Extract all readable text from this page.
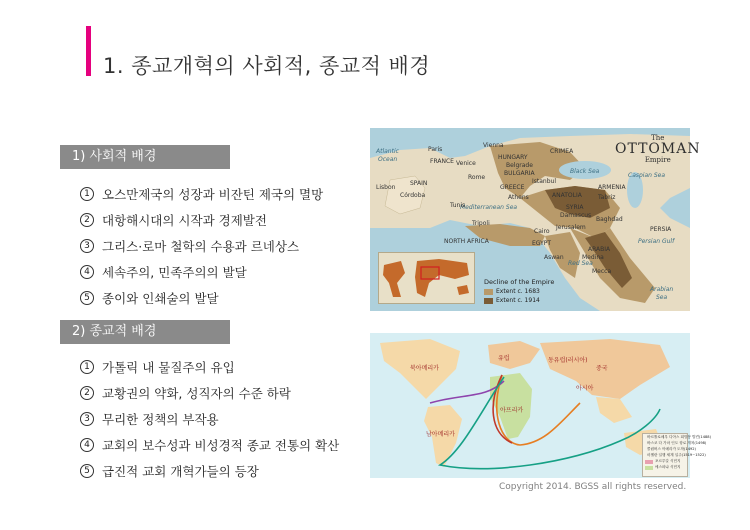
1. 종교개혁의 사회적, 종교적 배경
1) 사회적 배경
1 오스만제국의 성장과 비잔틴 제국의 멸망
2 대항해시대의 시작과 경제발전
3 그리스·로마 철학의 수용과 르네상스
4 세속주의, 민족주의의 발달
5 종이와 인쇄술의 발달
2) 종교적 배경
1 가톨릭 내 물질주의 유입
2 교황권의 약화, 성직자의 수준 하락
3 무리한 정책의 부작용
4 교회의 보수성과 비성경적 종교 전통의 확산
5 급진적 교회 개혁가들의 등장
The
OTTOMAN
Empire
Atlantic
Ocean
Paris
Vienna
FRANCE Venice
HUNGARY
Belgrade
CRIMEA
BULGARIA	Black Sea
Rome
GREECE
Istanbul
Athens	ANATOLIA
ARMENIA
Tabriz
Caspian Sea
SPAIN
Lisbon
Córdoba
Mediterranean Sea
Tunis	SYRIA
Damascus
Baghdad
Jerusalem
Tripoli
Cairo
EGYPT
NORTH AFRICA
ARABIA
Red Sea
Medina
Mecca
Aswan
PERSIA
Persian Gulf
Arabian
Sea
Decline of the Empire
Extent c. 1683
Extent c. 1914
북아메리카
유럽	동유럽(러시아)
아프리카
남아메리카
중국
아시아
바르톨로메우 디아스 희망봉 발견(1488)
바스코 다 가마 인도 항로 개척(1498)
콜럼버스 아메리카 도착(1492)
마젤란 일행 세계 일주(1519~1522)
포르투갈 식민지
에스파냐 식민지
Copyright 2014. BGSS all rights reserved.
